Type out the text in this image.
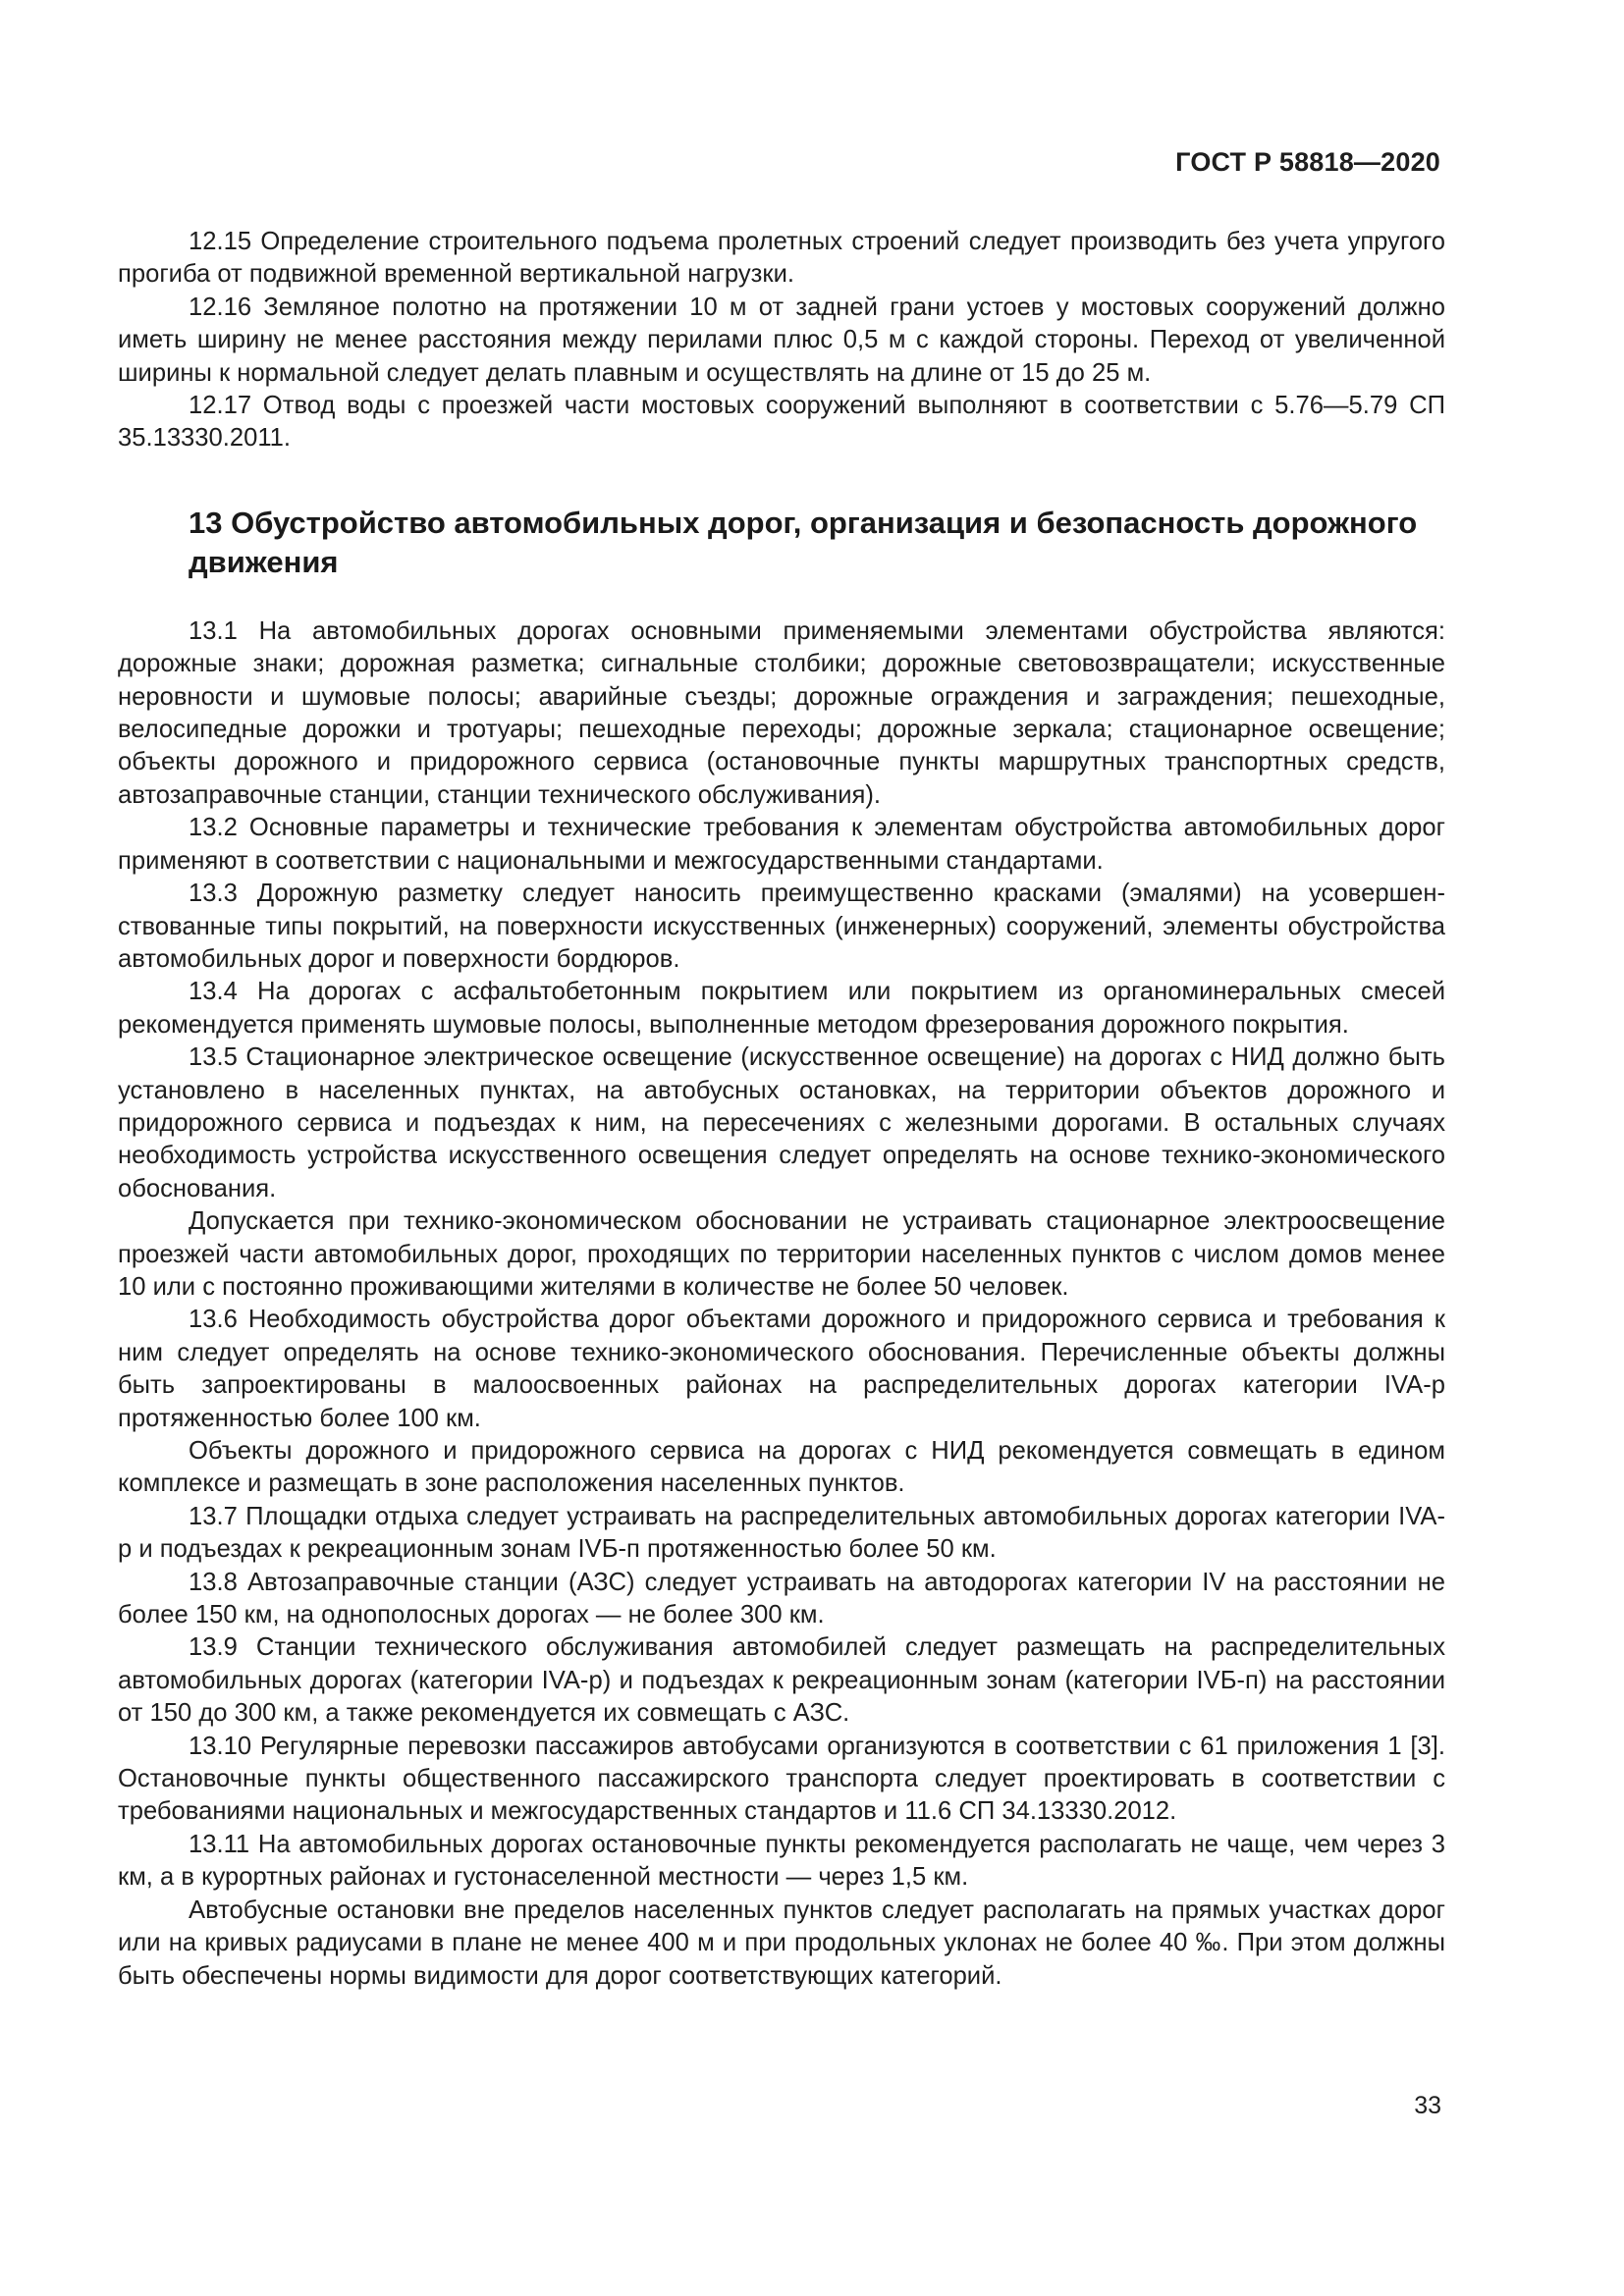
ГОСТ Р 58818—2020

12.15 Определение строительного подъема пролетных строений следует производить без учета упругого прогиба от подвижной временной вертикальной нагрузки.

12.16 Земляное полотно на протяжении 10 м от задней грани устоев у мостовых сооружений должно иметь ширину не менее расстояния между перилами плюс 0,5 м с каждой стороны. Переход от увеличенной ширины к нормальной следует делать плавным и осуществлять на длине от 15 до 25 м.

12.17 Отвод воды с проезжей части мостовых сооружений выполняют в соответствии с 5.76—5.79 СП 35.13330.2011.

13 Обустройство автомобильных дорог, организация и безопасность дорожного движения

13.1 На автомобильных дорогах основными применяемыми элементами обустройства являются: дорожные знаки; дорожная разметка; сигнальные столбики; дорожные световозвращатели; искусственные неровности и шумовые полосы; аварийные съезды; дорожные ограждения и заграждения; пешеходные, велосипедные дорожки и тротуары; пешеходные переходы; дорожные зеркала; стационарное освещение; объекты дорожного и придорожного сервиса (остановочные пункты маршрутных транспортных средств, автозаправочные станции, станции технического обслуживания).

13.2 Основные параметры и технические требования к элементам обустройства автомобильных дорог применяют в соответствии с национальными и межгосударственными стандартами.

13.3 Дорожную разметку следует наносить преимущественно красками (эмалями) на усовершенствованные типы покрытий, на поверхности искусственных (инженерных) сооружений, элементы обустройства автомобильных дорог и поверхности бордюров.

13.4 На дорогах с асфальтобетонным покрытием или покрытием из органоминеральных смесей рекомендуется применять шумовые полосы, выполненные методом фрезерования дорожного покрытия.

13.5 Стационарное электрическое освещение (искусственное освещение) на дорогах с НИД должно быть установлено в населенных пунктах, на автобусных остановках, на территории объектов дорожного и придорожного сервиса и подъездах к ним, на пересечениях с железными дорогами. В остальных случаях необходимость устройства искусственного освещения следует определять на основе технико-экономического обоснования.

Допускается при технико-экономическом обосновании не устраивать стационарное электроосвещение проезжей части автомобильных дорог, проходящих по территории населенных пунктов с числом домов менее 10 или с постоянно проживающими жителями в количестве не более 50 человек.

13.6 Необходимость обустройства дорог объектами дорожного и придорожного сервиса и требования к ним следует определять на основе технико-экономического обоснования. Перечисленные объекты должны быть запроектированы в малоосвоенных районах на распределительных дорогах категории IVA-р протяженностью более 100 км.

Объекты дорожного и придорожного сервиса на дорогах с НИД рекомендуется совмещать в едином комплексе и размещать в зоне расположения населенных пунктов.

13.7 Площадки отдыха следует устраивать на распределительных автомобильных дорогах категории IVA-р и подъездах к рекреационным зонам IVБ-п протяженностью более 50 км.

13.8 Автозаправочные станции (АЗС) следует устраивать на автодорогах категории IV на расстоянии не более 150 км, на однополосных дорогах — не более 300 км.

13.9 Станции технического обслуживания автомобилей следует размещать на распределительных автомобильных дорогах (категории IVA-р) и подъездах к рекреационным зонам (категории IVБ-п) на расстоянии от 150 до 300 км, а также рекомендуется их совмещать с АЗС.

13.10 Регулярные перевозки пассажиров автобусами организуются в соответствии с 61 приложения 1 [3]. Остановочные пункты общественного пассажирского транспорта следует проектировать в соответствии с требованиями национальных и межгосударственных стандартов и 11.6 СП 34.13330.2012.

13.11 На автомобильных дорогах остановочные пункты рекомендуется располагать не чаще, чем через 3 км, а в курортных районах и густонаселенной местности — через 1,5 км.

Автобусные остановки вне пределов населенных пунктов следует располагать на прямых участках дорог или на кривых радиусами в плане не менее 400 м и при продольных уклонах не более 40 ‰. При этом должны быть обеспечены нормы видимости для дорог соответствующих категорий.

33
